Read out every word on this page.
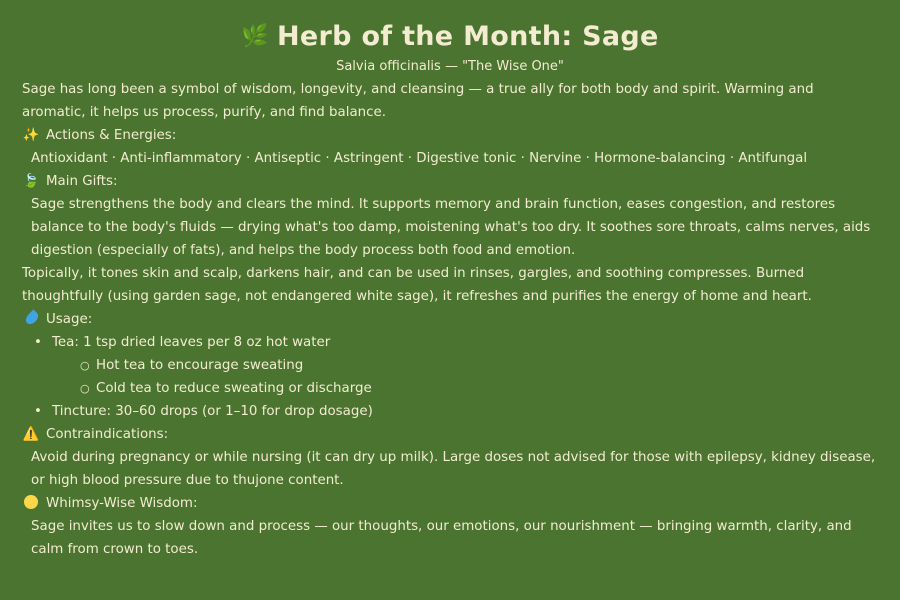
🌿 Herb of the Month: Sage
Salvia officinalis — "The Wise One"

Sage has long been a symbol of wisdom, longevity, and cleansing — a true ally for both body and spirit. Warming and aromatic, it helps us process, purify, and find balance.

✨ Actions & Energies:

Antioxidant · Anti-inflammatory · Antiseptic · Astringent · Digestive tonic · Nervine · Hormone-balancing · Antifungal

🍃 Main Gifts:

Sage strengthens the body and clears the mind. It supports memory and brain function, eases congestion, and restores balance to the body's fluids — drying what's too damp, moistening what's too dry. It soothes sore throats, calms nerves, aids digestion (especially of fats), and helps the body process both food and emotion.

Topically, it tones skin and scalp, darkens hair, and can be used in rinses, gargles, and soothing compresses. Burned thoughtfully (using garden sage, not endangered white sage), it refreshes and purifies the energy of home and heart.

Usage:
• Tea: 1 tsp dried leaves per 8 oz hot water
○ Hot tea to encourage sweating
○ Cold tea to reduce sweating or discharge
• Tincture: 30–60 drops (or 1–10 for drop dosage)
⚠️ Contraindications:

Avoid during pregnancy or while nursing (it can dry up milk). Large doses not advised for those with epilepsy, kidney disease, or high blood pressure due to thujone content.

Whimsy-Wise Wisdom:

Sage invites us to slow down and process — our thoughts, our emotions, our nourishment — bringing warmth, clarity, and calm from crown to toes.
